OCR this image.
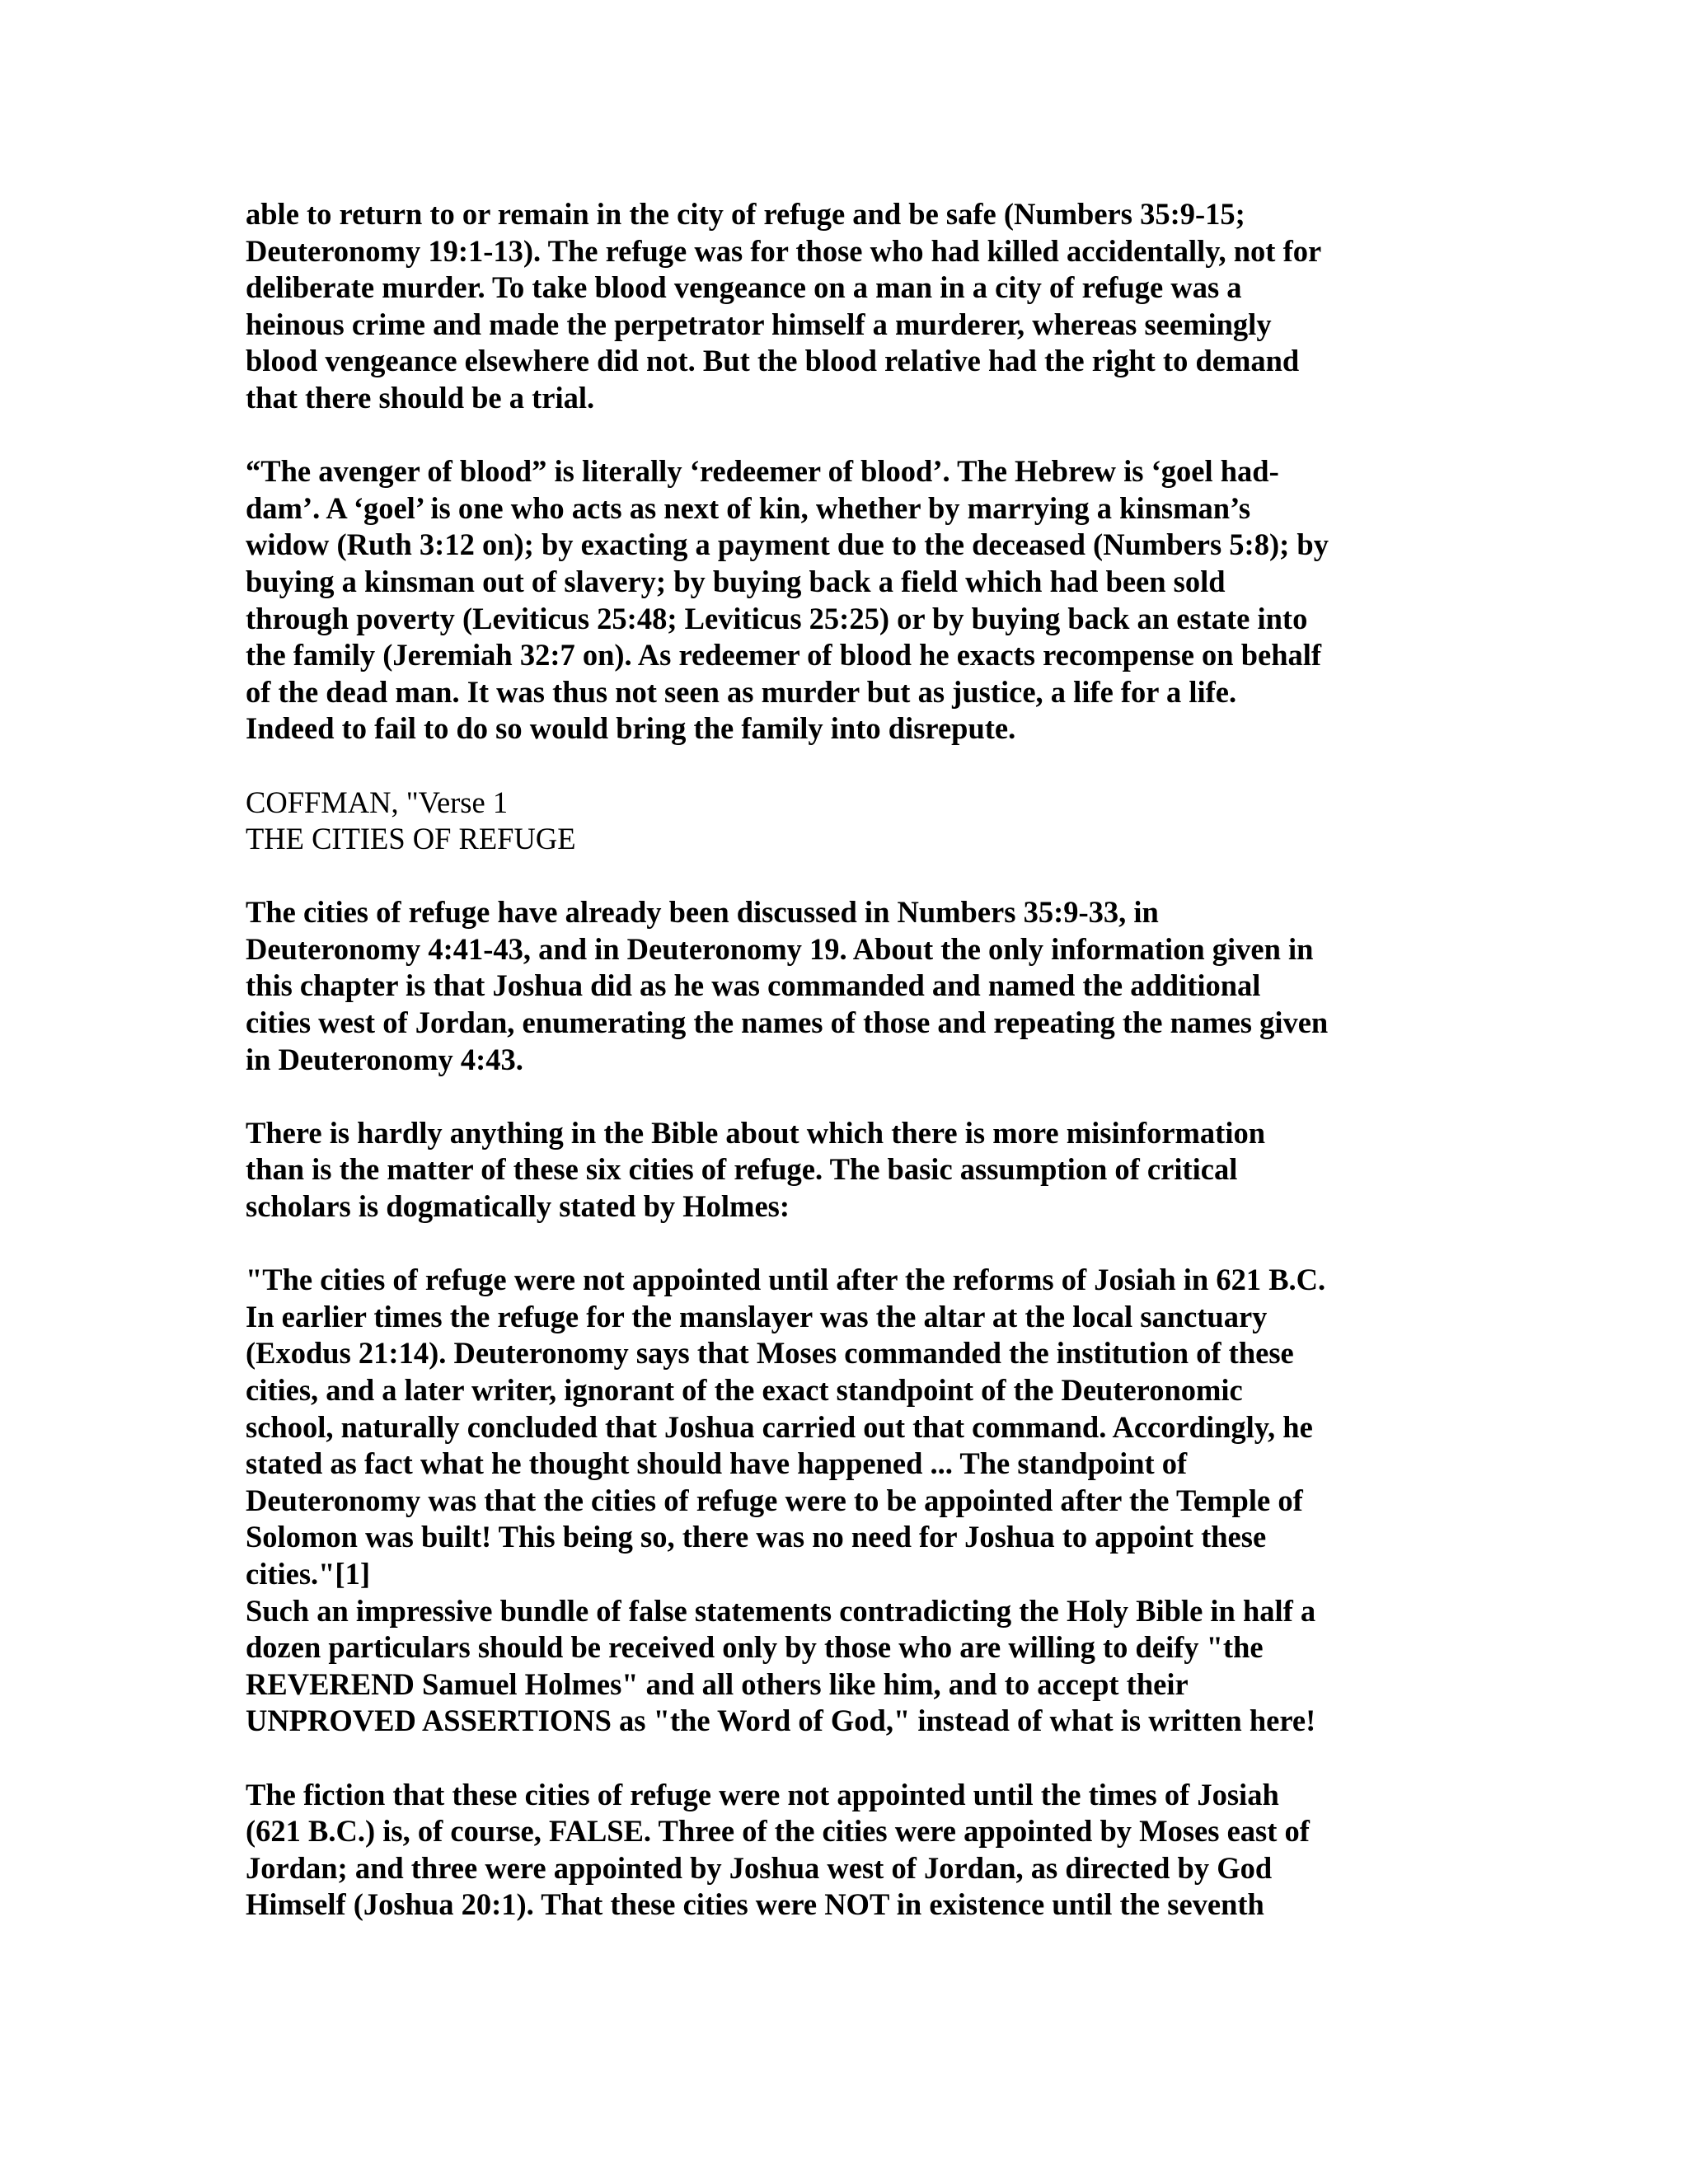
able to return to or remain in the city of refuge and be safe (Numbers 35:9-15;
Deuteronomy 19:1-13). The refuge was for those who had killed accidentally, not for
deliberate murder. To take blood vengeance on a man in a city of refuge was a
heinous crime and made the perpetrator himself a murderer, whereas seemingly
blood vengeance elsewhere did not. But the blood relative had the right to demand
that there should be a trial.

“The avenger of blood” is literally ‘redeemer of blood’. The Hebrew is ‘goel had-
dam’. A ‘goel’ is one who acts as next of kin, whether by marrying a kinsman’s
widow (Ruth 3:12 on); by exacting a payment due to the deceased (Numbers 5:8); by
buying a kinsman out of slavery; by buying back a field which had been sold
through poverty (Leviticus 25:48; Leviticus 25:25) or by buying back an estate into
the family (Jeremiah 32:7 on). As redeemer of blood he exacts recompense on behalf
of the dead man. It was thus not seen as murder but as justice, a life for a life.
Indeed to fail to do so would bring the family into disrepute.

COFFMAN, "Verse 1
THE CITIES OF REFUGE

The cities of refuge have already been discussed in Numbers 35:9-33, in
Deuteronomy 4:41-43, and in Deuteronomy 19. About the only information given in
this chapter is that Joshua did as he was commanded and named the additional
cities west of Jordan, enumerating the names of those and repeating the names given
in Deuteronomy 4:43.

There is hardly anything in the Bible about which there is more misinformation
than is the matter of these six cities of refuge. The basic assumption of critical
scholars is dogmatically stated by Holmes:

"The cities of refuge were not appointed until after the reforms of Josiah in 621 B.C.
In earlier times the refuge for the manslayer was the altar at the local sanctuary
(Exodus 21:14). Deuteronomy says that Moses commanded the institution of these
cities, and a later writer, ignorant of the exact standpoint of the Deuteronomic
school, naturally concluded that Joshua carried out that command. Accordingly, he
stated as fact what he thought should have happened ... The standpoint of
Deuteronomy was that the cities of refuge were to be appointed after the Temple of
Solomon was built! This being so, there was no need for Joshua to appoint these
cities."[1]

Such an impressive bundle of false statements contradicting the Holy Bible in half a
dozen particulars should be received only by those who are willing to deify "the
REVEREND Samuel Holmes" and all others like him, and to accept their
UNPROVED ASSERTIONS as "the Word of God," instead of what is written here!

The fiction that these cities of refuge were not appointed until the times of Josiah
(621 B.C.) is, of course, FALSE. Three of the cities were appointed by Moses east of
Jordan; and three were appointed by Joshua west of Jordan, as directed by God
Himself (Joshua 20:1). That these cities were NOT in existence until the seventh
